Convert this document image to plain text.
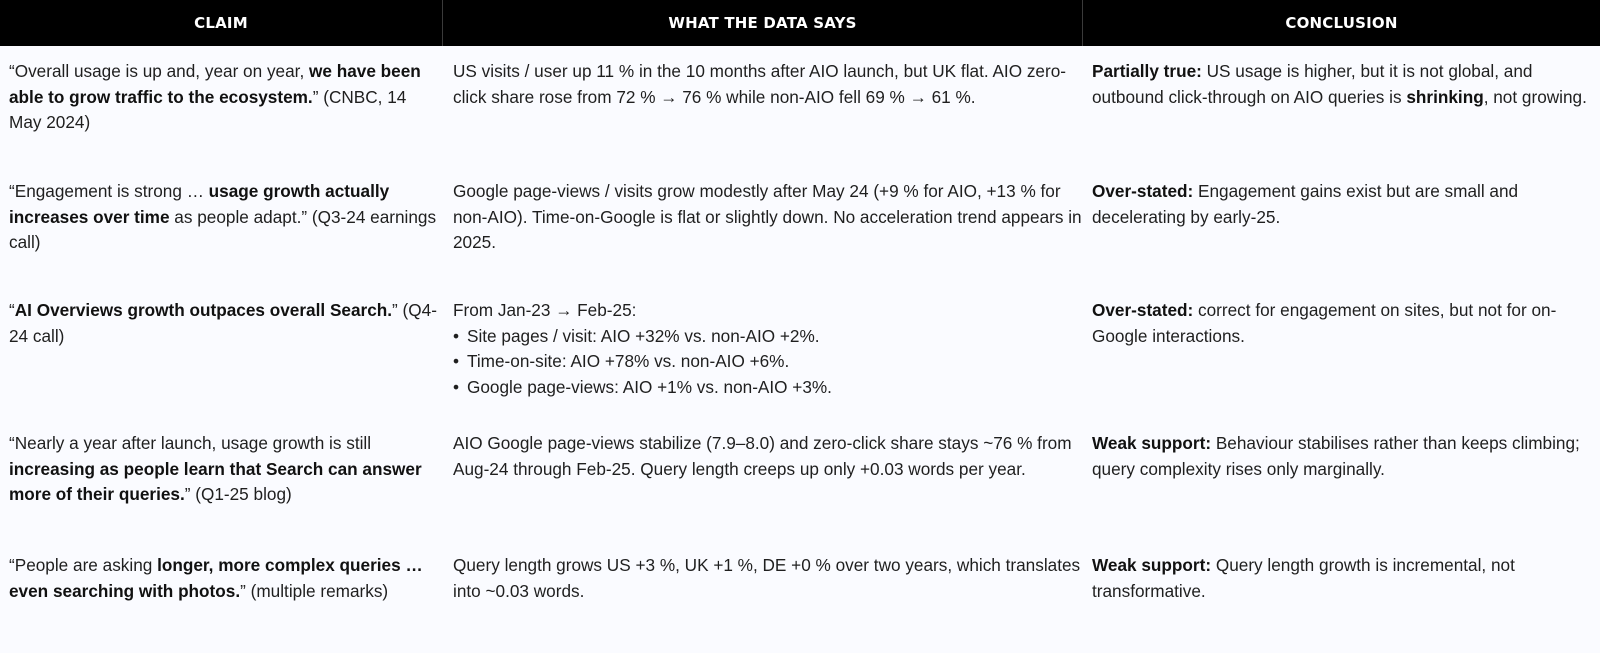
CLAIM	WHAT THE DATA SAYS	CONCLUSION
“Overall usage is up and, year on year, we have been able to grow traffic to the ecosystem.” (CNBC, 14 May 2024)
US visits / user up 11 % in the 10 months after AIO launch, but UK flat. AIO zero-click share rose from 72 % → 76 % while non-AIO fell 69 % → 61 %.
Partially true: US usage is higher, but it is not global, and outbound click-through on AIO queries is shrinking, not growing.
“Engagement is strong … usage growth actually increases over time as people adapt.” (Q3-24 earnings call)
Google page-views / visits grow modestly after May 24 (+9 % for AIO, +13 % for non-AIO). Time-on-Google is flat or slightly down. No acceleration trend appears in 2025.
Over-stated: Engagement gains exist but are small and decelerating by early-25.
“AI Overviews growth outpaces overall Search.” (Q4-24 call)
From Jan-23 → Feb-25:
• Site pages / visit: AIO +32% vs. non-AIO +2%.
• Time-on-site: AIO +78% vs. non-AIO +6%.
• Google page-views: AIO +1% vs. non-AIO +3%.
Over-stated: correct for engagement on sites, but not for on-Google interactions.
“Nearly a year after launch, usage growth is still increasing as people learn that Search can answer more of their queries.” (Q1-25 blog)
AIO Google page-views stabilize (7.9–8.0) and zero-click share stays ~76 % from Aug-24 through Feb-25. Query length creeps up only +0.03 words per year.
Weak support: Behaviour stabilises rather than keeps climbing; query complexity rises only marginally.
“People are asking longer, more complex queries … even searching with photos.” (multiple remarks)
Query length grows US +3 %, UK +1 %, DE +0 % over two years, which translates into ~0.03 words.
Weak support: Query length growth is incremental, not transformative.
